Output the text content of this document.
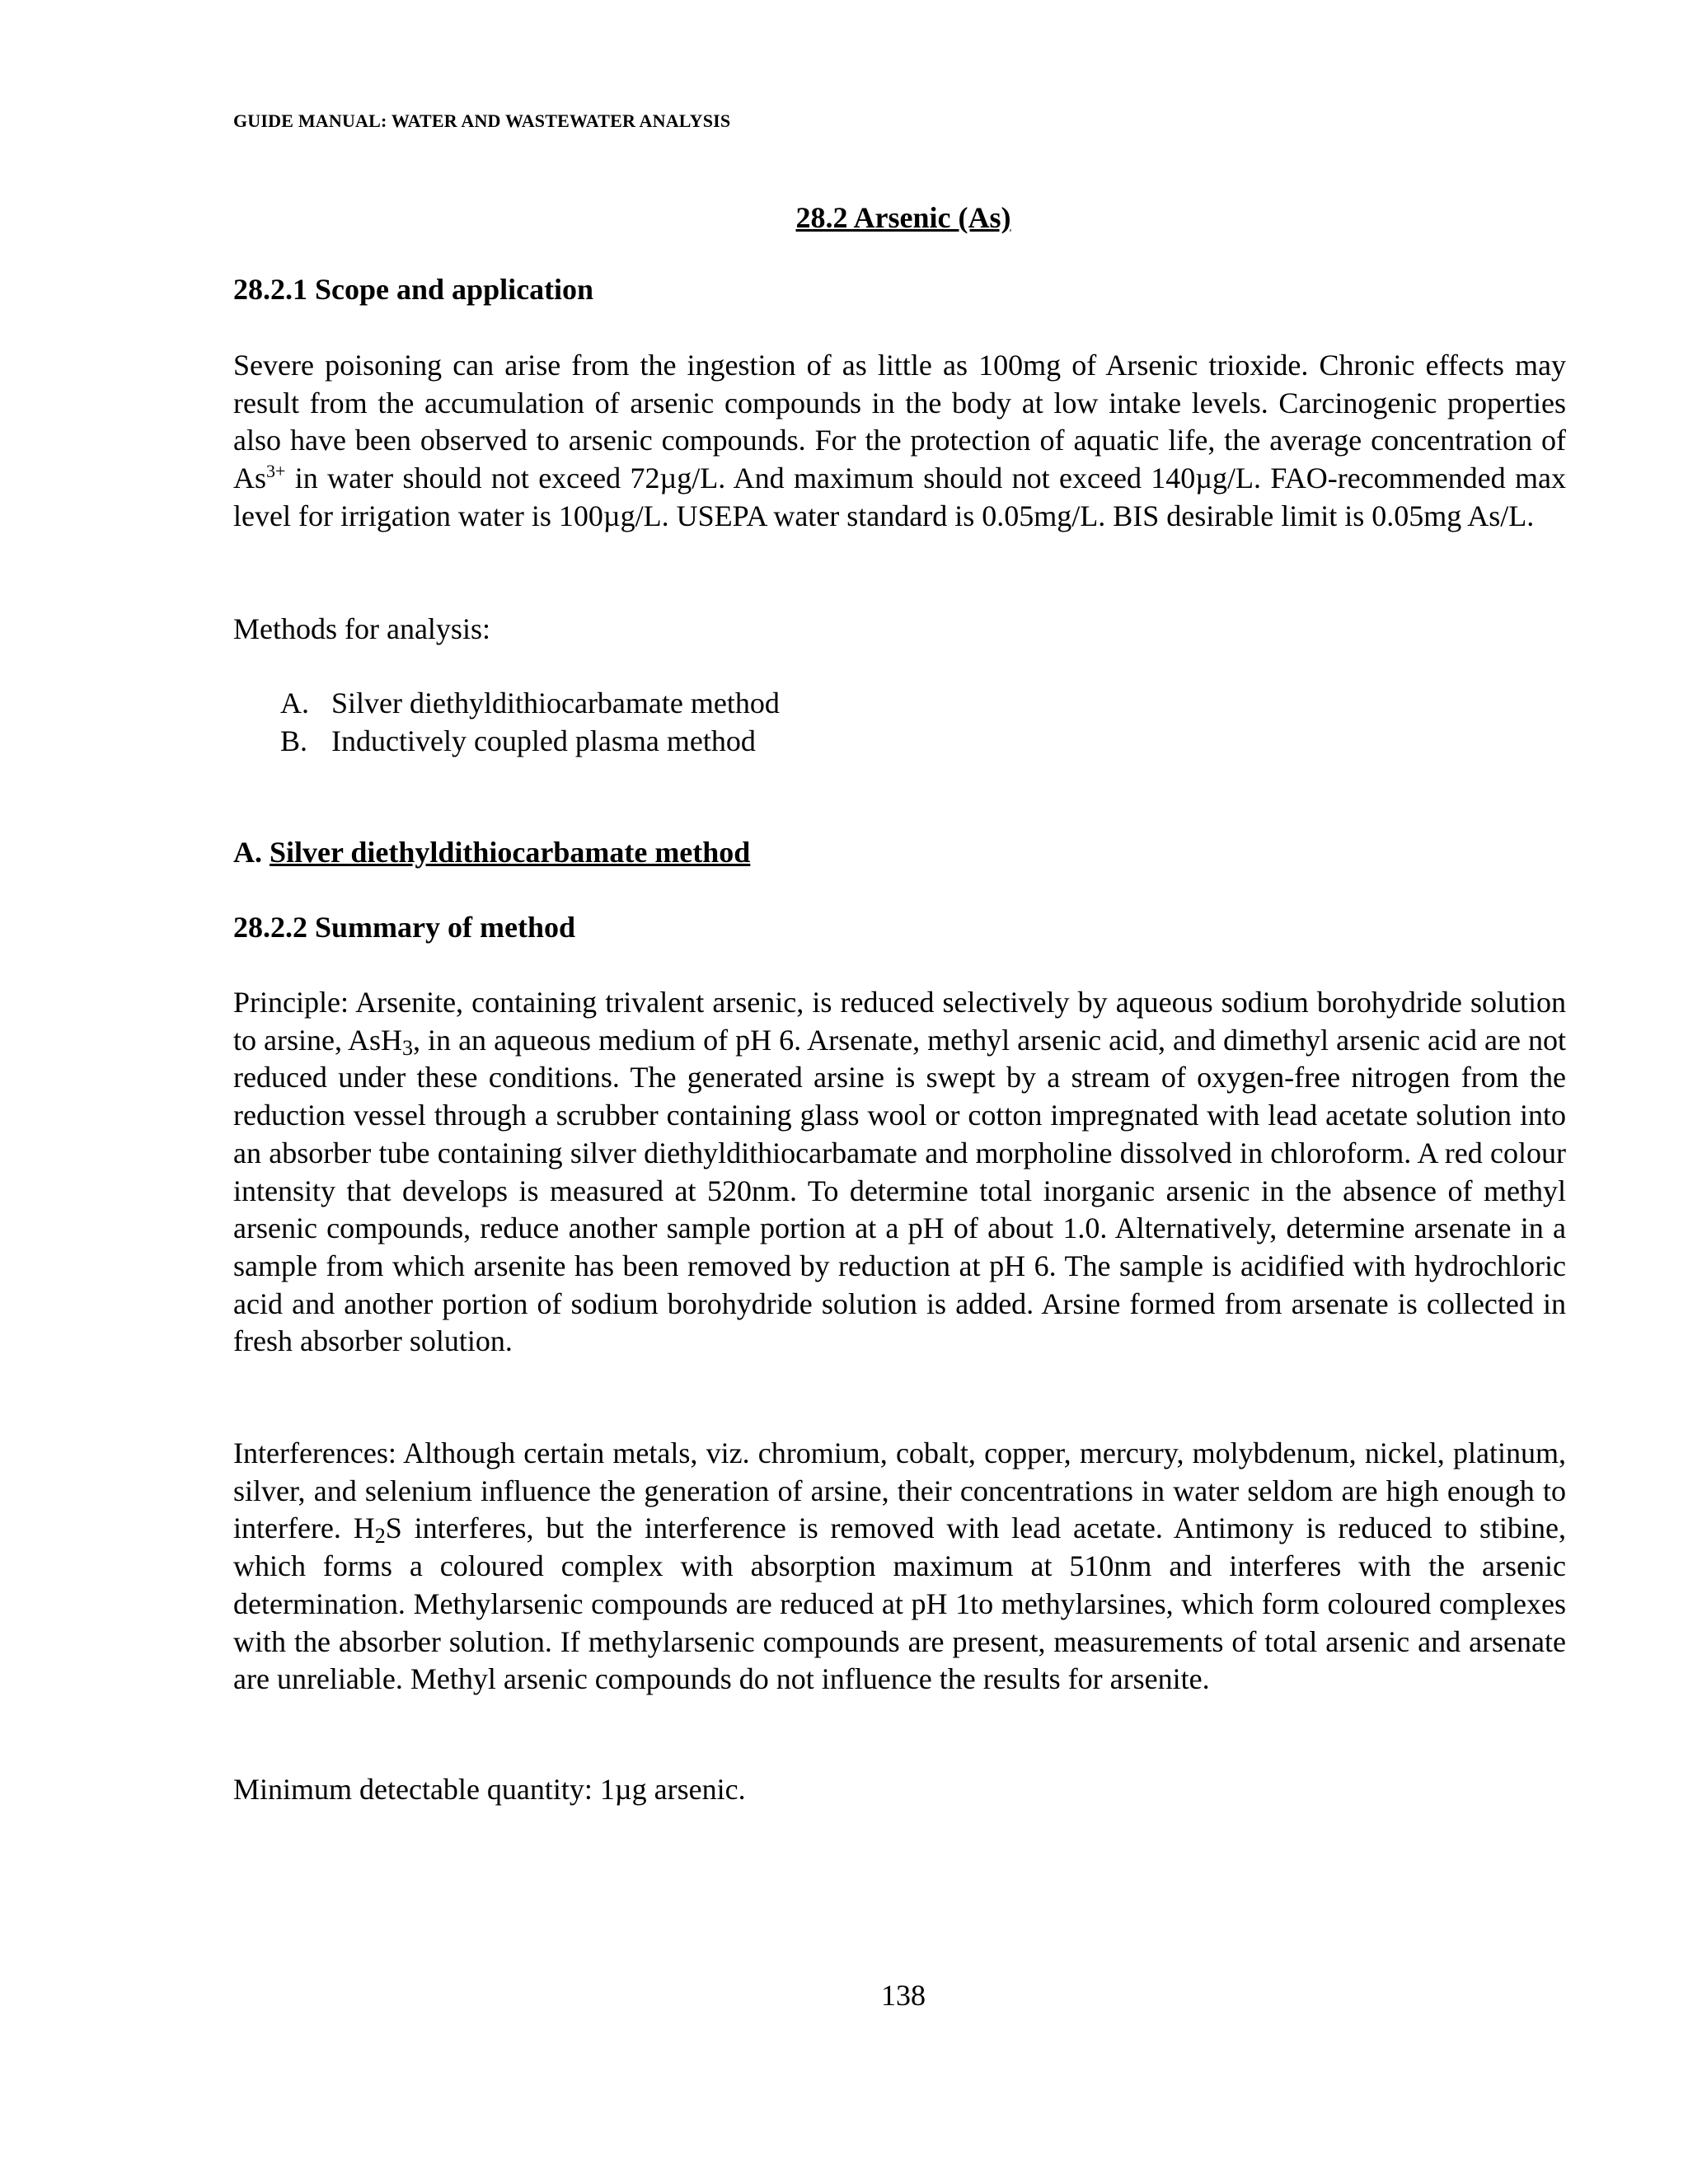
GUIDE MANUAL: WATER AND WASTEWATER ANALYSIS
28.2 Arsenic (As)
28.2.1 Scope and application

Severe poisoning can arise from the ingestion of as little as 100mg of Arsenic trioxide. Chronic effects may result from the accumulation of arsenic compounds in the body at low intake levels. Carcinogenic properties also have been observed to arsenic compounds. For the protection of aquatic life, the average concentration of $As^{3+}$ in water should not exceed 72µg/L. And maximum should not exceed 140µg/L. FAO-recommended max level for irrigation water is 100µg/L. USEPA water standard is 0.05mg/L. BIS desirable limit is 0.05mg As/L.

Methods for analysis:
A. Silver diethyldithiocarbamate method
B. Inductively coupled plasma method
A. Silver diethyldithiocarbamate method
28.2.2 Summary of method

Principle: Arsenite, containing trivalent arsenic, is reduced selectively by aqueous sodium borohydride solution to arsine, AsH$_3$, in an aqueous medium of pH 6. Arsenate, methyl arsenic acid, and dimethyl arsenic acid are not reduced under these conditions. The generated arsine is swept by a stream of oxygen-free nitrogen from the reduction vessel through a scrubber containing glass wool or cotton impregnated with lead acetate solution into an absorber tube containing silver diethyldithiocarbamate and morpholine dissolved in chloroform. A red colour intensity that develops is measured at 520nm. To determine total inorganic arsenic in the absence of methyl arsenic compounds, reduce another sample portion at a pH of about 1.0. Alternatively, determine arsenate in a sample from which arsenite has been removed by reduction at pH 6. The sample is acidified with hydrochloric acid and another portion of sodium borohydride solution is added. Arsine formed from arsenate is collected in fresh absorber solution.

Interferences: Although certain metals, viz. chromium, cobalt, copper, mercury, molybdenum, nickel, platinum, silver, and selenium influence the generation of arsine, their concentrations in water seldom are high enough to interfere. $H_2S$ interferes, but the interference is removed with lead acetate. Antimony is reduced to stibine, which forms a coloured complex with absorption maximum at 510nm and interferes with the arsenic determination. Methylarsenic compounds are reduced at pH 1to methylarsines, which form coloured complexes with the absorber solution. If methylarsenic compounds are present, measurements of total arsenic and arsenate are unreliable. Methyl arsenic compounds do not influence the results for arsenite.

Minimum detectable quantity: 1µg arsenic.
138
